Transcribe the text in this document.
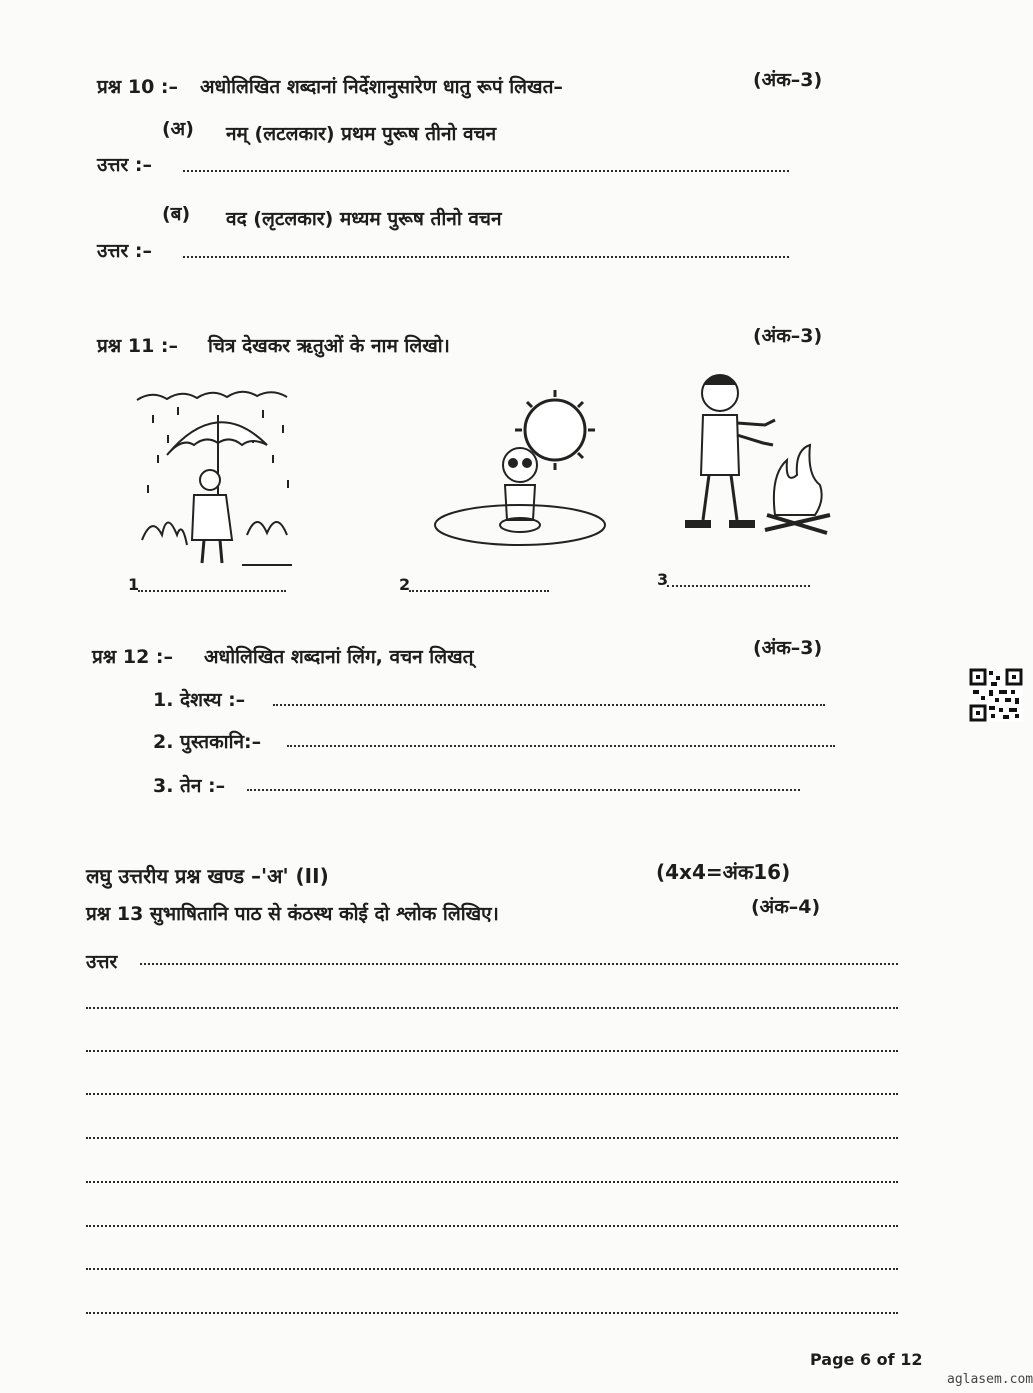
प्रश्न 10 :– अधोलिखित शब्दानां निर्देशानुसारेण धातु रूपं लिखत–	(अंक–3)
(अ) नम् (लटलकार) प्रथम पुरूष तीनो वचन
उत्तर :–
(ब) वद (लृटलकार) मध्यम पुरूष तीनो वचन
उत्तर :–
प्रश्न 11 :– चित्र देखकर ऋतुओं के नाम लिखो।	(अंक–3)
1	2	3
प्रश्न 12 :– अधोलिखित शब्दानां लिंग, वचन लिखत्	(अंक–3)
1. देशस्य :–
2. पुस्तकानि:–
3. तेन :–
लघु उत्तरीय प्रश्न खण्ड –'अ' (II)	(4x4=अंक16)
प्रश्न 13 सुभाषितानि पाठ से कंठस्थ कोई दो श्लोक लिखिए।	(अंक–4)
उत्तर
Page 6 of 12
aglasem.com
